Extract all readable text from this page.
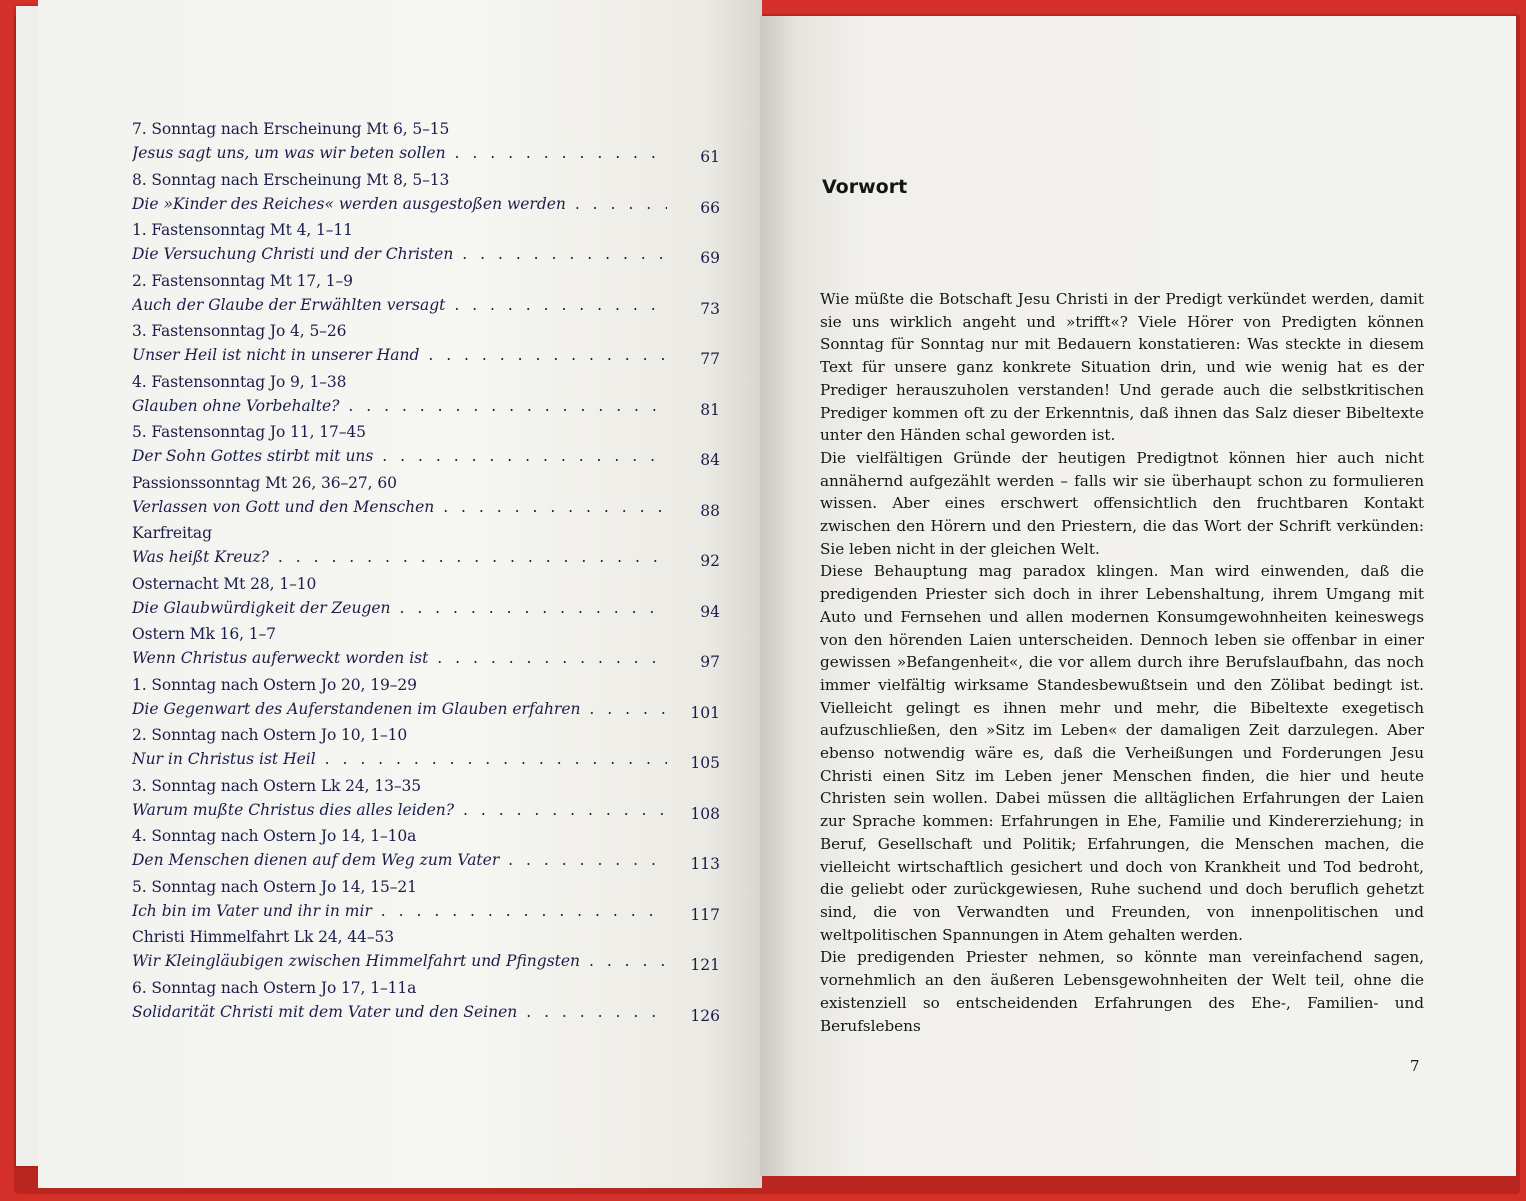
7. Sonntag nach Erscheinung Mt 6, 5–15
Jesus sagt uns, um was wir beten sollen . . .	61
8. Sonntag nach Erscheinung Mt 8, 5–13
Die »Kinder des Reiches« werden ausgestoßen werden . . .	66
1. Fastensonntag Mt 4, 1–11
Die Versuchung Christi und der Christen . . .	69
2. Fastensonntag Mt 17, 1–9
Auch der Glaube der Erwählten versagt . . .	73
3. Fastensonntag Jo 4, 5–26
Unser Heil ist nicht in unserer Hand . . .	77
4. Fastensonntag Jo 9, 1–38
Glauben ohne Vorbehalte? . . .	81
5. Fastensonntag Jo 11, 17–45
Der Sohn Gottes stirbt mit uns . . .	84
Passionssonntag Mt 26, 36–27, 60
Verlassen von Gott und den Menschen . . .	88
Karfreitag
Was heißt Kreuz? . . .	92
Osternacht Mt 28, 1–10
Die Glaubwürdigkeit der Zeugen . . .	94
Ostern Mk 16, 1–7
Wenn Christus auferweckt worden ist . . .	97
1. Sonntag nach Ostern Jo 20, 19–29
Die Gegenwart des Auferstandenen im Glauben erfahren . . .	101
2. Sonntag nach Ostern Jo 10, 1–10
Nur in Christus ist Heil . . .	105
3. Sonntag nach Ostern Lk 24, 13–35
Warum mußte Christus dies alles leiden? . . .	108
4. Sonntag nach Ostern Jo 14, 1–10a
Den Menschen dienen auf dem Weg zum Vater . . .	113
5. Sonntag nach Ostern Jo 14, 15–21
Ich bin im Vater und ihr in mir . . .	117
Christi Himmelfahrt Lk 24, 44–53
Wir Kleingläubigen zwischen Himmelfahrt und Pfingsten . . .	121
6. Sonntag nach Ostern Jo 17, 1–11a
Solidarität Christi mit dem Vater und den Seinen . . .	126
Vorwort

Wie müßte die Botschaft Jesu Christi in der Predigt verkündet werden, damit sie uns wirklich angeht und »trifft«? Viele Hörer von Predigten können Sonntag für Sonntag nur mit Bedauern konstatieren: Was steckte in diesem Text für unsere ganz konkrete Situation drin, und wie wenig hat es der Prediger herauszuholen verstanden! Und gerade auch die selbstkritischen Prediger kommen oft zu der Erkenntnis, daß ihnen das Salz dieser Bibeltexte unter den Händen schal geworden ist.

Die vielfältigen Gründe der heutigen Predigtnot können hier auch nicht annähernd aufgezählt werden – falls wir sie überhaupt schon zu formulieren wissen. Aber eines erschwert offensichtlich den fruchtbaren Kontakt zwischen den Hörern und den Priestern, die das Wort der Schrift verkünden: Sie leben nicht in der gleichen Welt.

Diese Behauptung mag paradox klingen. Man wird einwenden, daß die predigenden Priester sich doch in ihrer Lebenshaltung, ihrem Umgang mit Auto und Fernsehen und allen modernen Konsumgewohnheiten keineswegs von den hörenden Laien unterscheiden. Dennoch leben sie offenbar in einer gewissen »Befangenheit«, die vor allem durch ihre Berufslaufbahn, das noch immer vielfältig wirksame Standesbewußtsein und den Zölibat bedingt ist. Vielleicht gelingt es ihnen mehr und mehr, die Bibeltexte exegetisch aufzuschließen, den »Sitz im Leben« der damaligen Zeit darzulegen. Aber ebenso notwendig wäre es, daß die Verheißungen und Forderungen Jesu Christi einen Sitz im Leben jener Menschen finden, die hier und heute Christen sein wollen. Dabei müssen die alltäglichen Erfahrungen der Laien zur Sprache kommen: Erfahrungen in Ehe, Familie und Kindererziehung; in Beruf, Gesellschaft und Politik; Erfahrungen, die Menschen machen, die vielleicht wirtschaftlich gesichert und doch von Krankheit und Tod bedroht, die geliebt oder zurückgewiesen, Ruhe suchend und doch beruflich gehetzt sind, die von Verwandten und Freunden, von innenpolitischen und weltpolitischen Spannungen in Atem gehalten werden.

Die predigenden Priester nehmen, so könnte man vereinfachend sagen, vornehmlich an den äußeren Lebensgewohnheiten der Welt teil, ohne die existenziell so entscheidenden Erfahrungen des Ehe-, Familien- und Berufslebens

7
